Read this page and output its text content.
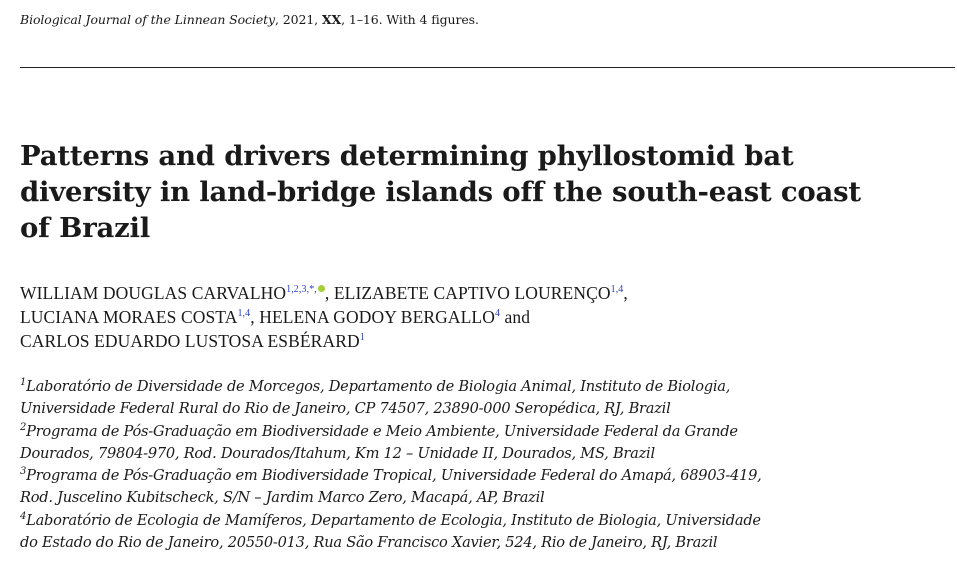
Biological Journal of the Linnean Society, 2021, XX, 1–16. With 4 figures.
Patterns and drivers determining phyllostomid bat
diversity in land-bridge islands off the south-east coast
of Brazil
WILLIAM DOUGLAS $CARVALHO^{1,2,3,*,}$ , ELIZABETE CAPTIVO LOURENÇO$^{1,4}$,
LUCIANA MORAES COSTA$^{1,4}$, HELENA GODOY BERGALLO$^4$ and
CARLOS EDUARDO LUSTOSA ESBÉRARD$^1$
$^1$Laboratório de Diversidade de Morcegos, Departamento de Biologia Animal, Instituto de Biologia,
Universidade Federal Rural do Rio de Janeiro, CP 74507, 23890-000 Seropédica, RJ, Brazil
$^2$Programa de Pós-Graduação em Biodiversidade e Meio Ambiente, Universidade Federal da Grande
Dourados, 79804-970, Rod. Dourados/Itahum, Km 12 – Unidade II, Dourados, MS, Brazil
$^3$Programa de Pós-Graduação em Biodiversidade Tropical, Universidade Federal do Amapá, 68903-419,
Rod. Juscelino Kubitscheck, S/N – Jardim Marco Zero, Macapá, AP, Brazil
$^4$Laboratório de Ecologia de Mamíferos, Departamento de Ecologia, Instituto de Biologia, Universidade
do Estado do Rio de Janeiro, 20550-013, Rua São Francisco Xavier, 524, Rio de Janeiro, RJ, Brazil
